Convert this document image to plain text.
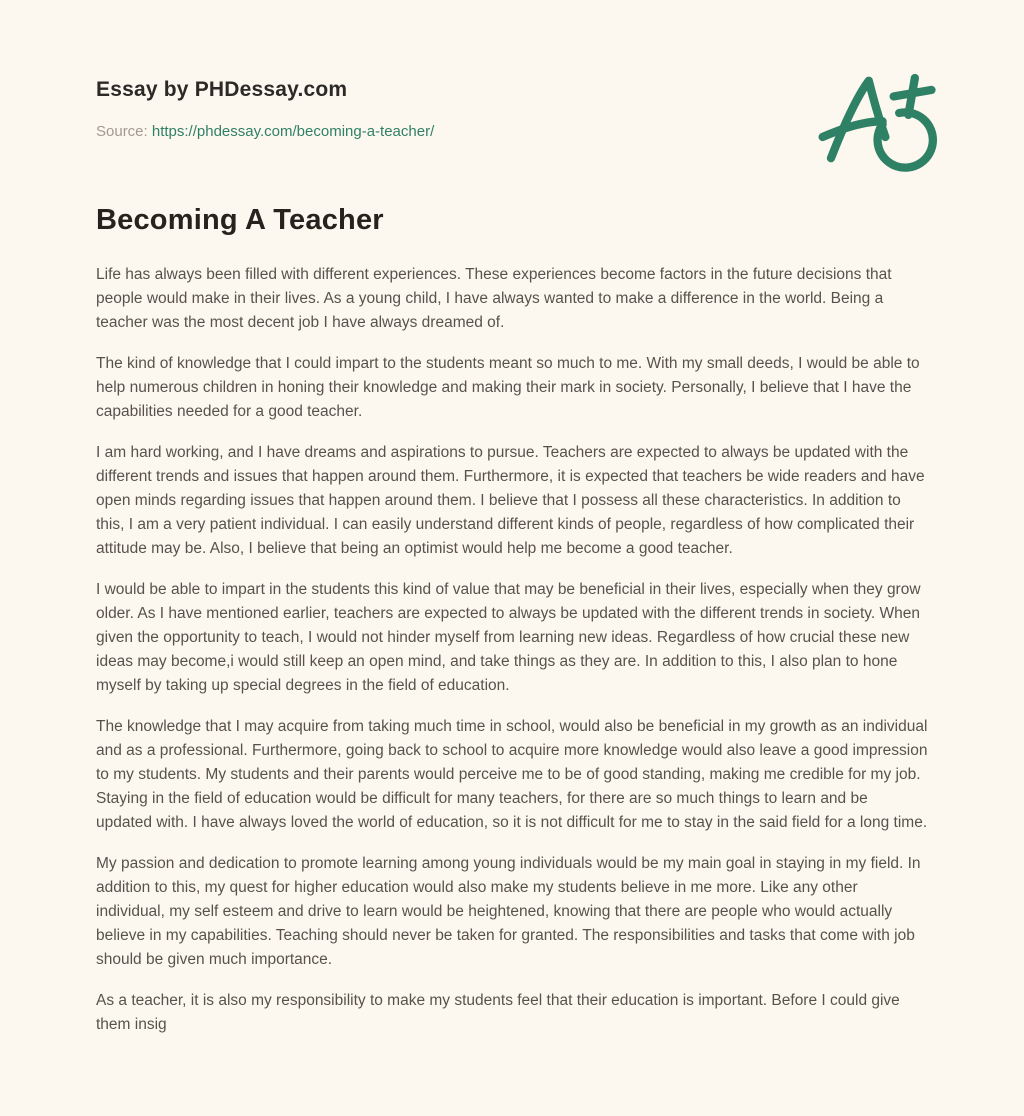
Essay by PHDessay.com
Source: https://phdessay.com/becoming-a-teacher/
Becoming A Teacher

Life has always been filled with different experiences. These experiences become factors in the future decisions that people would make in their lives. As a young child, I have always wanted to make a difference in the world. Being a teacher was the most decent job I have always dreamed of.

The kind of knowledge that I could impart to the students meant so much to me. With my small deeds, I would be able to help numerous children in honing their knowledge and making their mark in society. Personally, I believe that I have the capabilities needed for a good teacher.

I am hard working, and I have dreams and aspirations to pursue. Teachers are expected to always be updated with the different trends and issues that happen around them. Furthermore, it is expected that teachers be wide readers and have open minds regarding issues that happen around them. I believe that I possess all these characteristics. In addition to this, I am a very patient individual. I can easily understand different kinds of people, regardless of how complicated their attitude may be. Also, I believe that being an optimist would help me become a good teacher.

I would be able to impart in the students this kind of value that may be beneficial in their lives, especially when they grow older. As I have mentioned earlier, teachers are expected to always be updated with the different trends in society. When given the opportunity to teach, I would not hinder myself from learning new ideas. Regardless of how crucial these new ideas may become,i would still keep an open mind, and take things as they are. In addition to this, I also plan to hone myself by taking up special degrees in the field of education.

The knowledge that I may acquire from taking much time in school, would also be beneficial in my growth as an individual and as a professional. Furthermore, going back to school to acquire more knowledge would also leave a good impression to my students. My students and their parents would perceive me to be of good standing, making me credible for my job. Staying in the field of education would be difficult for many teachers, for there are so much things to learn and be updated with. I have always loved the world of education, so it is not difficult for me to stay in the said field for a long time.

My passion and dedication to promote learning among young individuals would be my main goal in staying in my field. In addition to this, my quest for higher education would also make my students believe in me more. Like any other individual, my self esteem and drive to learn would be heightened, knowing that there are people who would actually believe in my capabilities. Teaching should never be taken for granted. The responsibilities and tasks that come with job should be given much importance.

As a teacher, it is also my responsibility to make my students feel that their education is important. Before I could give them insig
